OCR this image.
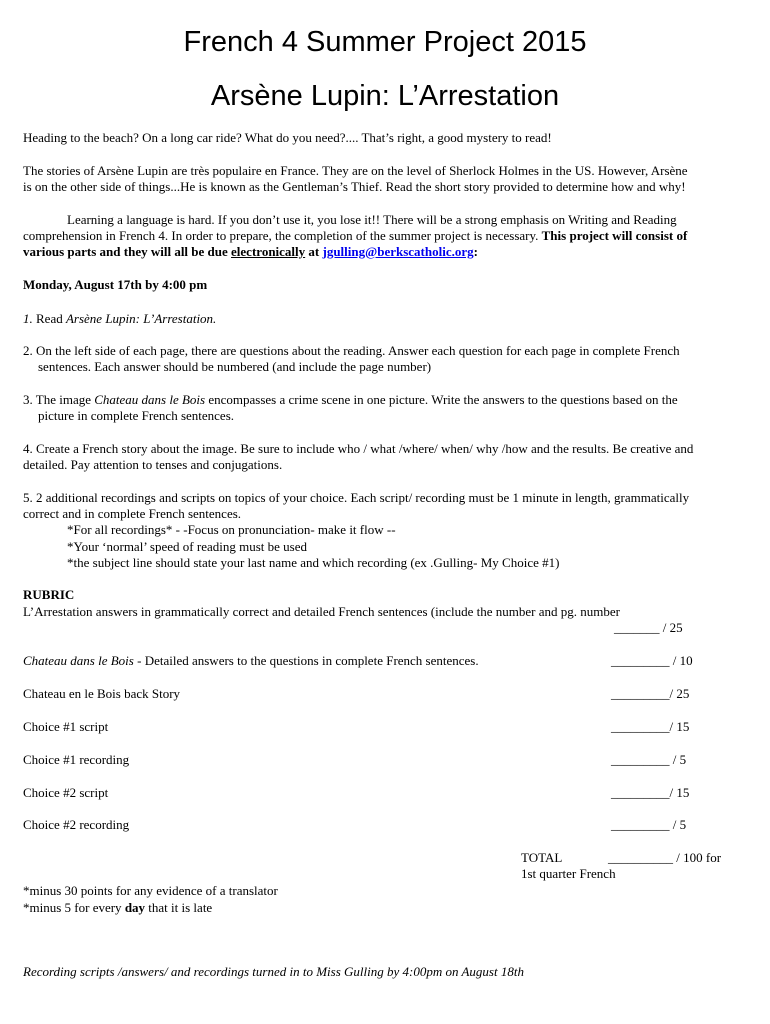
French 4 Summer Project 2015
Arsène Lupin: L’Arrestation
Heading to the beach? On a long car ride? What do you need?.... That’s right, a good mystery to read!
The stories of Arsène Lupin are très populaire en France. They are on the level of Sherlock Holmes in the US. However, Arsène
is on the other side of things...He is known as the Gentleman’s Thief. Read the short story provided to determine how and why!
Learning a language is hard. If you don’t use it, you lose it!! There will be a strong emphasis on Writing and Reading
comprehension in French 4. In order to prepare, the completion of the summer project is necessary. This project will consist of
various parts and they will all be due electronically at jgulling@berkscatholic.org:
Monday, August 17th by 4:00 pm
1. Read Arsène Lupin: L’Arrestation.
2. On the left side of each page, there are questions about the reading. Answer each question for each page in complete French
sentences. Each answer should be numbered (and include the page number)
3. The image Chateau dans le Bois encompasses a crime scene in one picture. Write the answers to the questions based on the
picture in complete French sentences.
4. Create a French story about the image. Be sure to include who / what /where/ when/ why /how and the results. Be creative and
detailed. Pay attention to tenses and conjugations.
5. 2 additional recordings and scripts on topics of your choice. Each script/ recording must be 1 minute in length, grammatically
correct and in complete French sentences.
*For all recordings* - -Focus on pronunciation- make it flow --
*Your ‘normal’ speed of reading must be used
*the subject line should state your last name and which recording (ex .Gulling- My Choice #1)
RUBRIC
L’Arrestation answers in grammatically correct and detailed French sentences (include the number and pg. number
_______ / 25
Chateau dans le Bois - Detailed answers to the questions in complete French sentences.	_________ / 10
Chateau en le Bois back Story	_________/ 25
Choice #1 script	_________/ 15
Choice #1 recording	_________ / 5
Choice #2 script	_________/ 15
Choice #2 recording	_________ / 5
TOTAL	__________ / 100 for
1st quarter French
*minus 30 points for any evidence of a translator
*minus 5 for every day that it is late
Recording scripts /answers/ and recordings turned in to Miss Gulling by 4:00pm on August 18th
